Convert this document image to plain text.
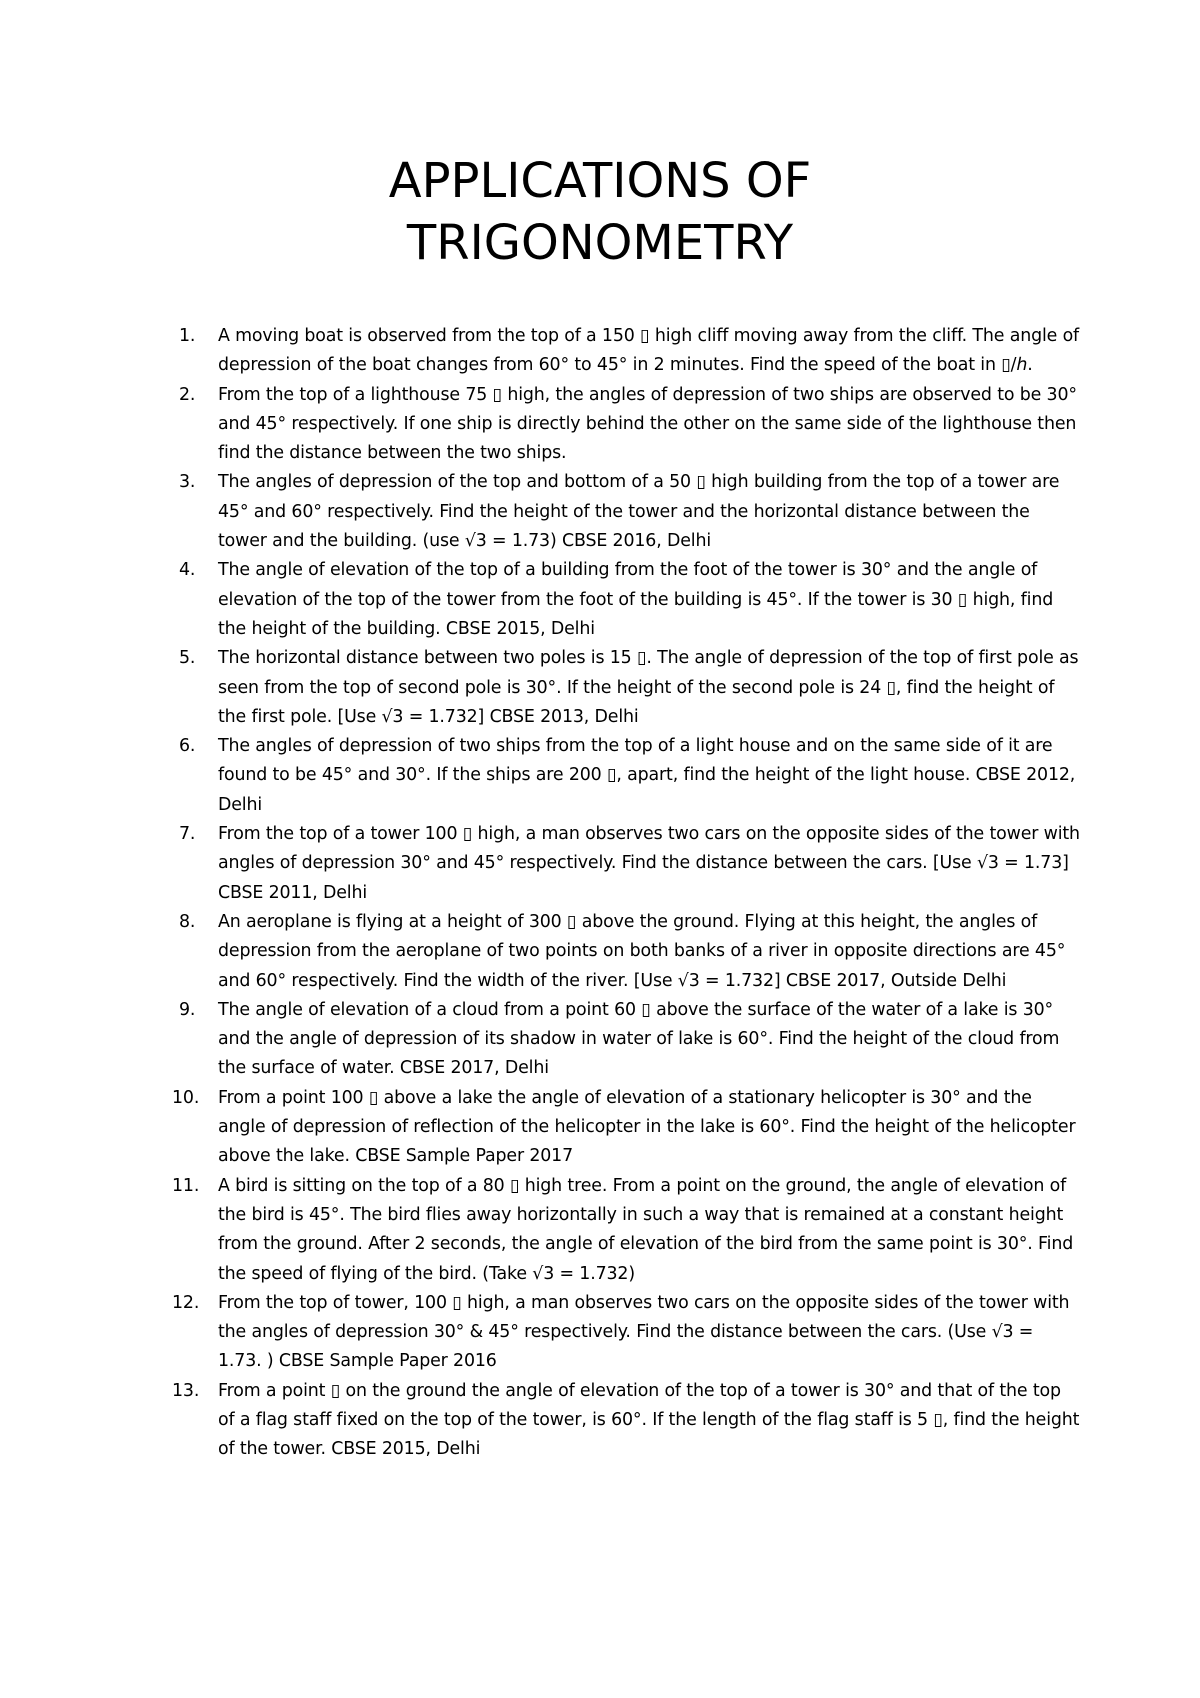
APPLICATIONS OF
TRIGONOMETRY
1. A moving boat is observed from the top of a 150 ▯ high cliff moving away from the cliff. The angle of depression of the boat changes from 60° to 45° in 2 minutes. Find the speed of the boat in ▯/ℎ.
2. From the top of a lighthouse 75 ▯ high, the angles of depression of two ships are observed to be 30° and 45° respectively. If one ship is directly behind the other on the same side of the lighthouse then find the distance between the two ships.
3. The angles of depression of the top and bottom of a 50 ▯ high building from the top of a tower are 45° and 60° respectively. Find the height of the tower and the horizontal distance between the tower and the building. (use √3 = 1.73) CBSE 2016, Delhi
4. The angle of elevation of the top of a building from the foot of the tower is 30° and the angle of elevation of the top of the tower from the foot of the building is 45°. If the tower is 30 ▯ high, find the height of the building. CBSE 2015, Delhi
5. The horizontal distance between two poles is 15 ▯. The angle of depression of the top of first pole as seen from the top of second pole is 30°. If the height of the second pole is 24 ▯, find the height of the first pole. [Use √3 = 1.732] CBSE 2013, Delhi
6. The angles of depression of two ships from the top of a light house and on the same side of it are found to be 45° and 30°. If the ships are 200 ▯, apart, find the height of the light house. CBSE 2012, Delhi
7. From the top of a tower 100 ▯ high, a man observes two cars on the opposite sides of the tower with angles of depression 30° and 45° respectively. Find the distance between the cars. [Use √3 = 1.73] CBSE 2011, Delhi
8. An aeroplane is flying at a height of 300 ▯ above the ground. Flying at this height, the angles of depression from the aeroplane of two points on both banks of a river in opposite directions are 45° and 60° respectively. Find the width of the river. [Use √3 = 1.732] CBSE 2017, Outside Delhi
9. The angle of elevation of a cloud from a point 60 ▯ above the surface of the water of a lake is 30° and the angle of depression of its shadow in water of lake is 60°. Find the height of the cloud from the surface of water. CBSE 2017, Delhi
10. From a point 100 ▯ above a lake the angle of elevation of a stationary helicopter is 30° and the angle of depression of reflection of the helicopter in the lake is 60°. Find the height of the helicopter above the lake. CBSE Sample Paper 2017
11. A bird is sitting on the top of a 80 ▯ high tree. From a point on the ground, the angle of elevation of the bird is 45°. The bird flies away horizontally in such a way that is remained at a constant height from the ground. After 2 seconds, the angle of elevation of the bird from the same point is 30°. Find the speed of flying of the bird. (Take √3 = 1.732)
12. From the top of tower, 100 ▯ high, a man observes two cars on the opposite sides of the tower with the angles of depression 30° & 45° respectively. Find the distance between the cars. (Use √3 = 1.73. ) CBSE Sample Paper 2016
13. From a point ▯ on the ground the angle of elevation of the top of a tower is 30° and that of the top of a flag staff fixed on the top of the tower, is 60°. If the length of the flag staff is 5 ▯, find the height of the tower. CBSE 2015, Delhi
